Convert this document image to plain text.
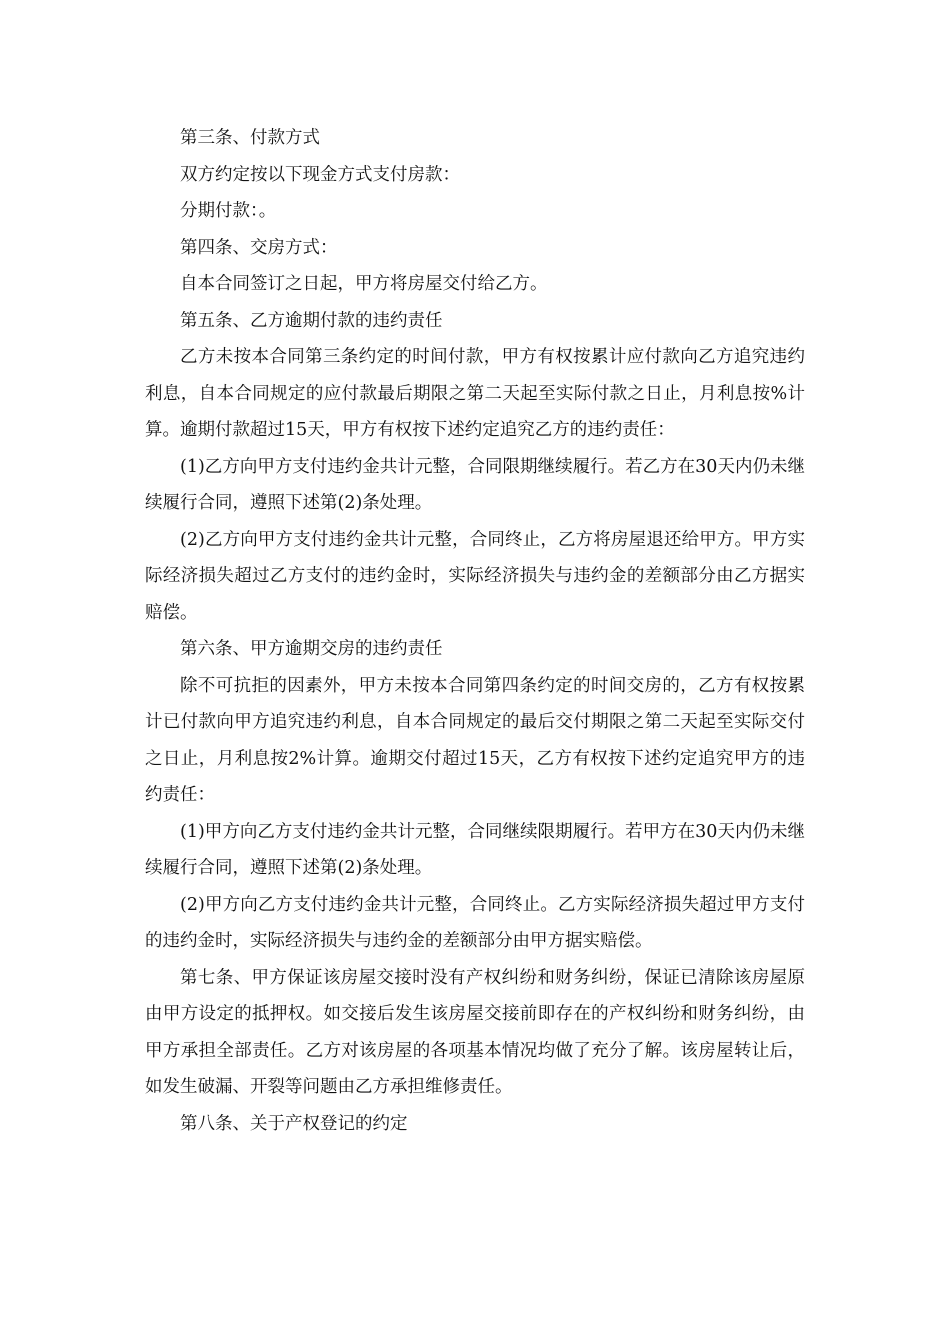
第三条、付款方式

双方约定按以下现金方式支付房款：

分期付款：。

第四条、交房方式：

自本合同签订之日起，甲方将房屋交付给乙方。

第五条、乙方逾期付款的违约责任

乙方未按本合同第三条约定的时间付款，甲方有权按累计应付款向乙方追究违约利息，自本合同规定的应付款最后期限之第二天起至实际付款之日止，月利息按%计算。逾期付款超过15天，甲方有权按下述约定追究乙方的违约责任：

(1)乙方向甲方支付违约金共计元整，合同限期继续履行。若乙方在30天内仍未继续履行合同，遵照下述第(2)条处理。

(2)乙方向甲方支付违约金共计元整，合同终止，乙方将房屋退还给甲方。甲方实际经济损失超过乙方支付的违约金时，实际经济损失与违约金的差额部分由乙方据实赔偿。

第六条、甲方逾期交房的违约责任

除不可抗拒的因素外，甲方未按本合同第四条约定的时间交房的，乙方有权按累计已付款向甲方追究违约利息，自本合同规定的最后交付期限之第二天起至实际交付之日止，月利息按2%计算。逾期交付超过15天，乙方有权按下述约定追究甲方的违约责任：

(1)甲方向乙方支付违约金共计元整，合同继续限期履行。若甲方在30天内仍未继续履行合同，遵照下述第(2)条处理。

(2)甲方向乙方支付违约金共计元整，合同终止。乙方实际经济损失超过甲方支付的违约金时，实际经济损失与违约金的差额部分由甲方据实赔偿。

第七条、甲方保证该房屋交接时没有产权纠纷和财务纠纷，保证已清除该房屋原由甲方设定的抵押权。如交接后发生该房屋交接前即存在的产权纠纷和财务纠纷，由甲方承担全部责任。乙方对该房屋的各项基本情况均做了充分了解。该房屋转让后，如发生破漏、开裂等问题由乙方承担维修责任。

第八条、关于产权登记的约定
